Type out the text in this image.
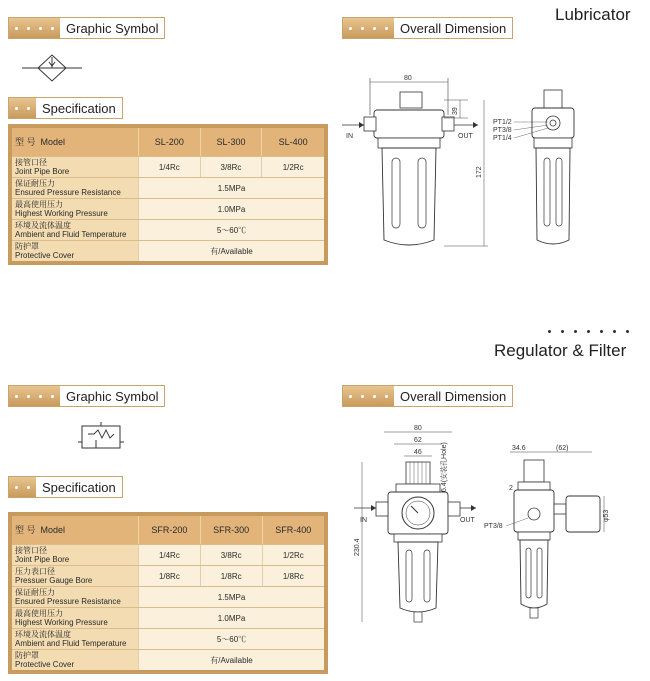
Lubricator
Graphic Symbol	Overall Dimension
Specification
型 号 Model	SL-200	SL-300	SL-400

接管口径
Joint Pipe Bore	1/4Rc	3/8Rc	1/2Rc

保证耐压力
Ensured Pressure Resistance	1.5MPa		

最高使用压力
Highest Working Pressure	1.0MPa		

环境及流体温度
Ambient and Fluid Temperature	5～60℃		

防护罩
Protective Cover	有/Available		
80
IN	OUT
39
172
PT1/2
PT3/8
PT1/4
Regulator & Filter
Graphic Symbol	Overall Dimension
Specification
型 号 Model	SFR-200	SFR-300	SFR-400

接管口径
Joint Pipe Bore	1/4Rc	3/8Rc	1/2Rc

压力表口径
Pressuer Gauge Bore	1/8Rc	1/8Rc	1/8Rc

保证耐压力
Ensured Pressure Resistance	1.5MPa		

最高使用压力
Highest Working Pressure	1.0MPa		

环境及流体温度
Ambient and Fluid Temperature	5～60℃		

防护罩
Protective Cover	有/Available		
80
62
46	6.4(安装孔Hole)
IN	OUT
230.4
34.6	(62)
2
φ53
PT3/8
